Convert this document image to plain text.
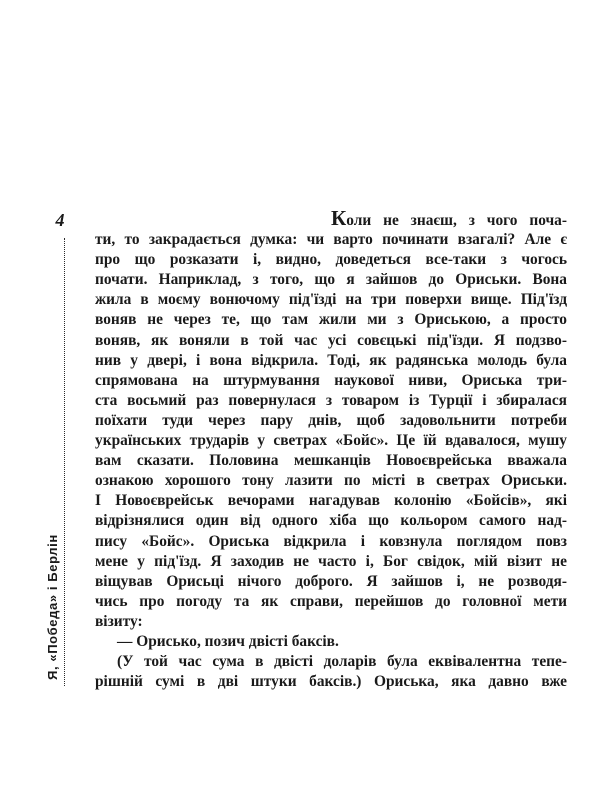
4
Я, «Победа» і Берлін
Коли не знаєш, з чого поча-
ти, то закрадається думка: чи варто починати взагалі? Але є
про що розказати і, видно, доведеться все-таки з чогось
почати. Наприклад, з того, що я зайшов до Ориськи. Вона
жила в моєму вонючому під'їзді на три поверхи вище. Під'їзд
воняв не через те, що там жили ми з Ориською, а просто
воняв, як воняли в той час усі совєцькі під'їзди. Я подзво-
нив у двері, і вона відкрила. Тоді, як радянська молодь була
спрямована на штурмування наукової ниви, Ориська три-
ста восьмий раз повернулася з товаром із Турції і збиралася
поїхати туди через пару днів, щоб задовольнити потреби
українських трударів у светрах «Бойс». Це їй вдавалося, мушу
вам сказати. Половина мешканців Новоєврейська вважала
ознакою хорошого тону лазити по місті в светрах Ориськи.
І Новоєврейськ вечорами нагадував колонію «Бойсів», які
відрізнялися один від одного хіба що кольором самого над-
пису «Бойс». Ориська відкрила і ковзнула поглядом повз
мене у під'їзд. Я заходив не часто і, Бог свідок, мій візит не
віщував Орисьці нічого доброго. Я зайшов і, не розводя-
чись про погоду та як справи, перейшов до головної мети
візиту:
— Орисько, позич двісті баксів.
(У той час сума в двісті доларів була еквівалентна тепе-
рішній сумі в дві штуки баксів.) Ориська, яка давно вже
